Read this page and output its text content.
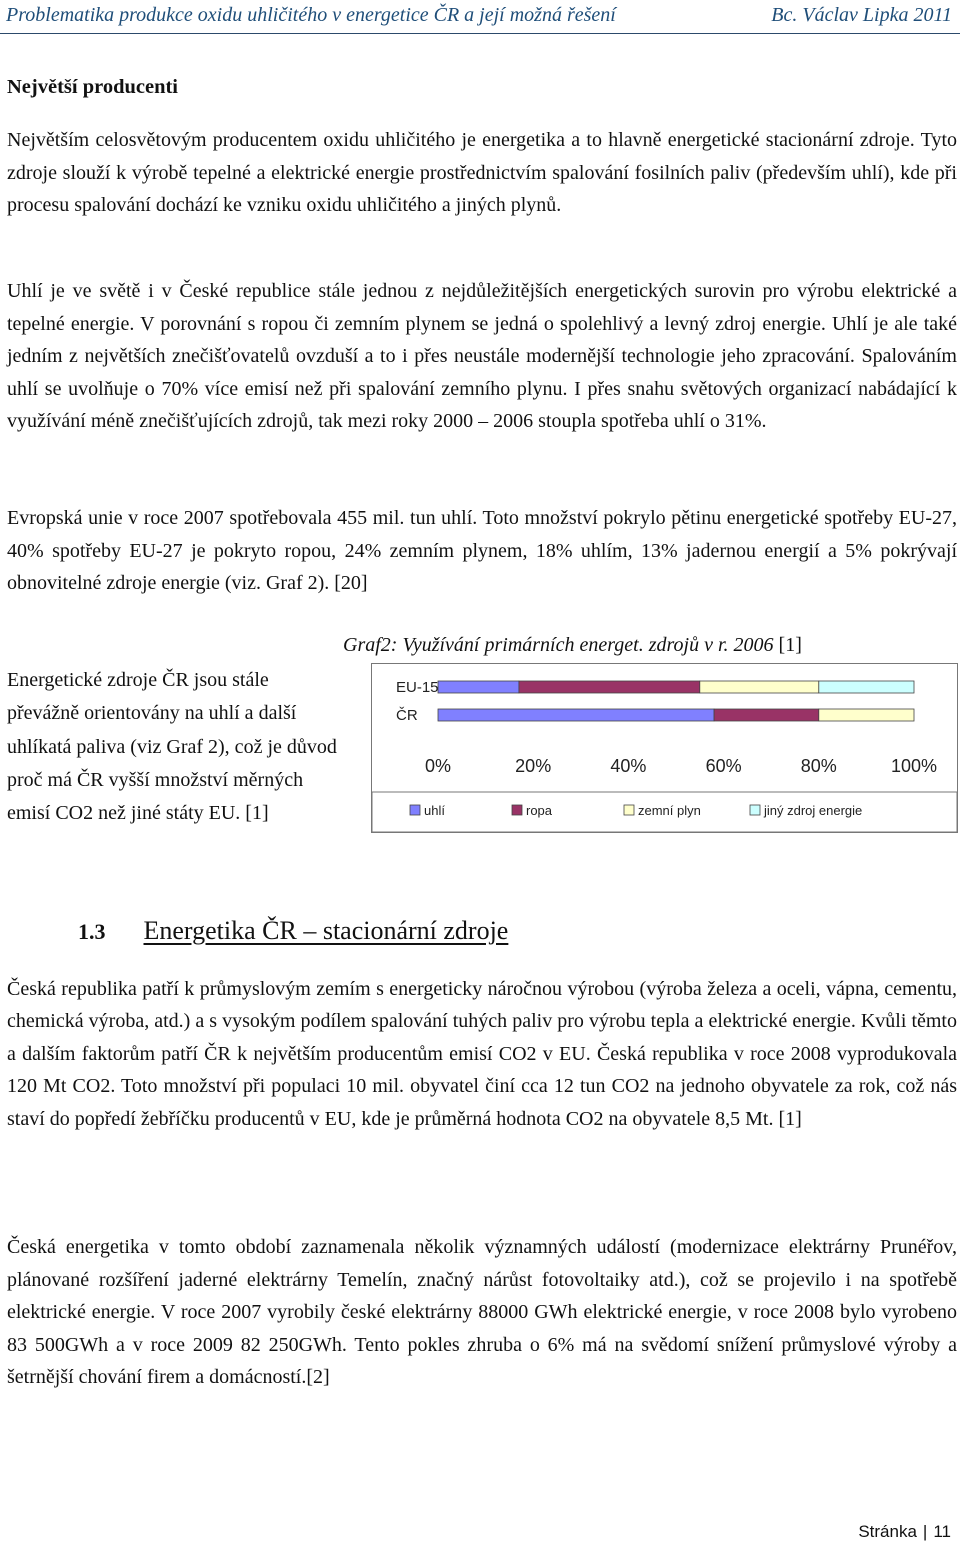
Problematika produkce oxidu uhličitého v energetice ČR a její možná řešení	Bc. Václav Lipka 2011
Největší producenti
Největším celosvětovým producentem oxidu uhličitého je energetika a to hlavně energetické stacionární zdroje. Tyto zdroje slouží k výrobě tepelné a elektrické energie prostřednictvím spalování fosilních paliv (především uhlí), kde při procesu spalování dochází ke vzniku oxidu uhličitého a jiných plynů.
Uhlí je ve světě i v České republice stále jednou z nejdůležitějších energetických surovin pro výrobu elektrické a tepelné energie. V porovnání s ropou či zemním plynem se jedná o spolehlivý a levný zdroj energie. Uhlí je ale také jedním z největších znečišťovatelů ovzduší a to i přes neustále modernější technologie jeho zpracování. Spalováním uhlí se uvolňuje o 70% více emisí než při spalování zemního plynu. I přes snahu světových organizací nabádající k využívání méně znečišťujících zdrojů, tak mezi roky 2000 – 2006 stoupla spotřeba uhlí o 31%.
Evropská unie v roce 2007 spotřebovala 455 mil. tun uhlí. Toto množství pokrylo pětinu energetické spotřeby EU-27, 40% spotřeby EU-27 je pokryto ropou, 24% zemním plynem, 18% uhlím, 13% jadernou energií a 5% pokrývají obnovitelné zdroje energie (viz. Graf 2). [20]
Energetické zdroje ČR jsou stále převážně orientovány na uhlí a další uhlíkatá paliva (viz Graf 2), což je důvod proč má ČR vyšší množství měrných emisí CO2 než jiné státy EU. [1]
Graf2: Využívání primárních energet. zdrojů v r. 2006 [1]
EU-15
ČR
0%	20%	40%	60%	80%	100%
uhlí	ropa	zemní plyn	jiný zdroj energie
1.3 Energetika ČR – stacionární zdroje
Česká republika patří k průmyslovým zemím s energeticky náročnou výrobou (výroba železa a oceli, vápna, cementu, chemická výroba, atd.) a s vysokým podílem spalování tuhých paliv pro výrobu tepla a elektrické energie. Kvůli těmto a dalším faktorům patří ČR k největším producentům emisí CO2 v EU. Česká republika v roce 2008 vyprodukovala 120 Mt CO2. Toto množství při populaci 10 mil. obyvatel činí cca 12 tun CO2 na jednoho obyvatele za rok, což nás staví do popředí žebříčku producentů v EU, kde je průměrná hodnota CO2 na obyvatele 8,5 Mt. [1]
Česká energetika v tomto období zaznamenala několik významných událostí (modernizace elektrárny Prunéřov, plánované rozšíření jaderné elektrárny Temelín, značný nárůst fotovoltaiky atd.), což se projevilo i na spotřebě elektrické energie. V roce 2007 vyrobily české elektrárny 88000 GWh elektrické energie, v roce 2008 bylo vyrobeno 83 500GWh a v roce 2009 82 250GWh. Tento pokles zhruba o 6% má na svědomí snížení průmyslové výroby a šetrnější chování firem a domácností.[2]
Stránka | 11
